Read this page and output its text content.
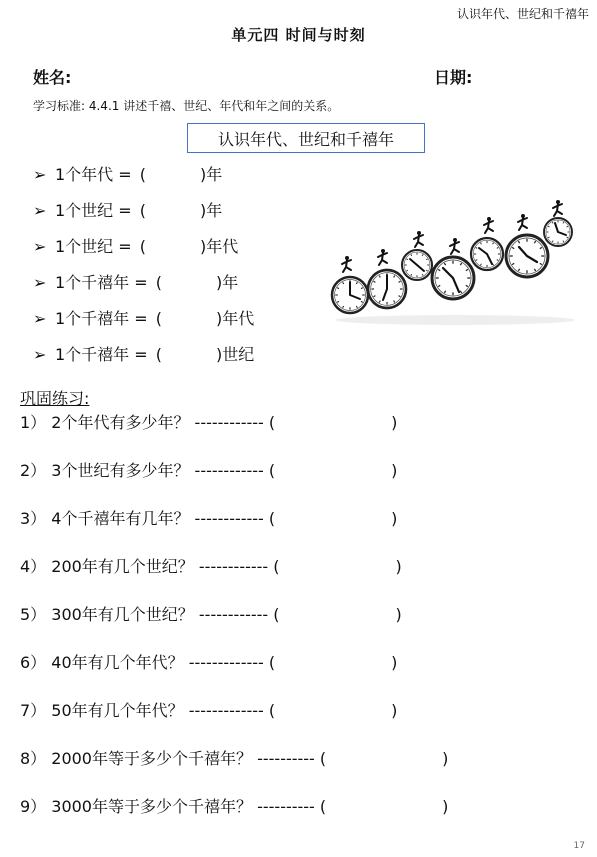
认识年代、世纪和千禧年
单元四 时间与时刻
姓名:	日期:
学习标准: 4.4.1 讲述千禧、世纪、年代和年之间的关系。
认识年代、世纪和千禧年
➢ 1个年代 =(	)年
➢ 1个世纪 =(	)年
➢ 1个世纪 =(	)年代
➢ 1个千禧年 =(	)年
➢ 1个千禧年 =(	)年代
➢ 1个千禧年 =(	)世纪
巩固练习:
1） 2个年代有多少年？ ------------ (	)
2） 3个世纪有多少年？ ------------ (	)
3） 4个千禧年有几年？ ------------ (	)
4） 200年有几个世纪？ ------------ (	)
5） 300年有几个世纪？ ------------ (	)
6） 40年有几个年代？ ------------- (	)
7） 50年有几个年代？ ------------- (	)
8） 2000年等于多少个千禧年？ ---------- (	)
9） 3000年等于多少个千禧年？ ---------- (	)
17
